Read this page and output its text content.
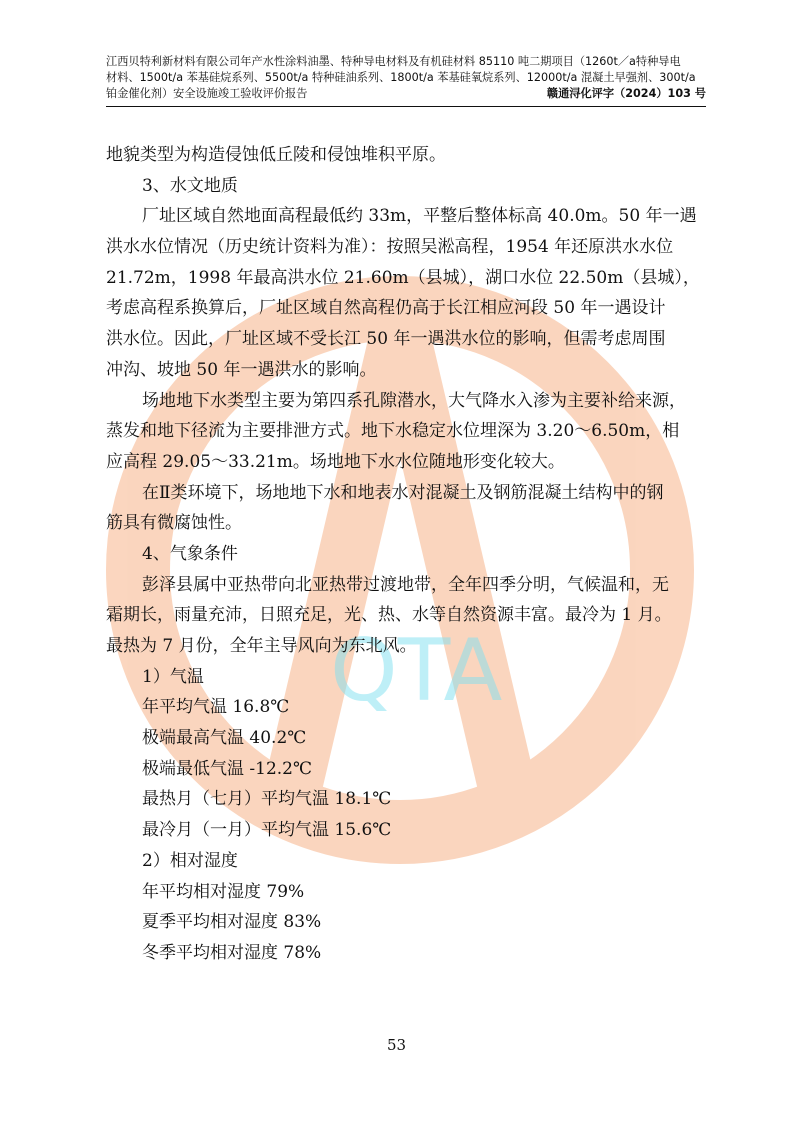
QTA
江西贝特利新材料有限公司年产水性涂料油墨、特种导电材料及有机硅材料 85110 吨二期项目（1260t／a特种导电
材料、1500t/a 苯基硅烷系列、5500t/a 特种硅油系列、1800t/a 苯基硅氧烷系列、12000t/a 混凝土早强剂、300t/a
铂金催化剂）安全设施竣工验收评价报告	赣通浔化评字（2024）103 号
地貌类型为构造侵蚀低丘陵和侵蚀堆积平原。
3、水文地质
厂址区域自然地面高程最低约 33m，平整后整体标高 40.0m。50 年一遇
洪水水位情况（历史统计资料为准）：按照吴淞高程，1954 年还原洪水水位
21.72m，1998 年最高洪水位 21.60m（县城），湖口水位 22.50m（县城），
考虑高程系换算后，厂址区域自然高程仍高于长江相应河段 50 年一遇设计
洪水位。因此，厂址区域不受长江 50 年一遇洪水位的影响，但需考虑周围
冲沟、坡地 50 年一遇洪水的影响。
场地地下水类型主要为第四系孔隙潜水，大气降水入渗为主要补给来源，
蒸发和地下径流为主要排泄方式。地下水稳定水位埋深为 3.20～6.50m，相
应高程 29.05～33.21m。场地地下水水位随地形变化较大。
在Ⅱ类环境下，场地地下水和地表水对混凝土及钢筋混凝土结构中的钢
筋具有微腐蚀性。
4、气象条件
彭泽县属中亚热带向北亚热带过渡地带，全年四季分明，气候温和，无
霜期长，雨量充沛，日照充足，光、热、水等自然资源丰富。最冷为 1 月。
最热为 7 月份，全年主导风向为东北风。
1）气温
年平均气温 16.8℃
极端最高气温 40.2℃
极端最低气温 -12.2℃
最热月（七月）平均气温 18.1℃
最冷月（一月）平均气温 15.6℃
2）相对湿度
年平均相对湿度 79%
夏季平均相对湿度 83%
冬季平均相对湿度 78%
53
